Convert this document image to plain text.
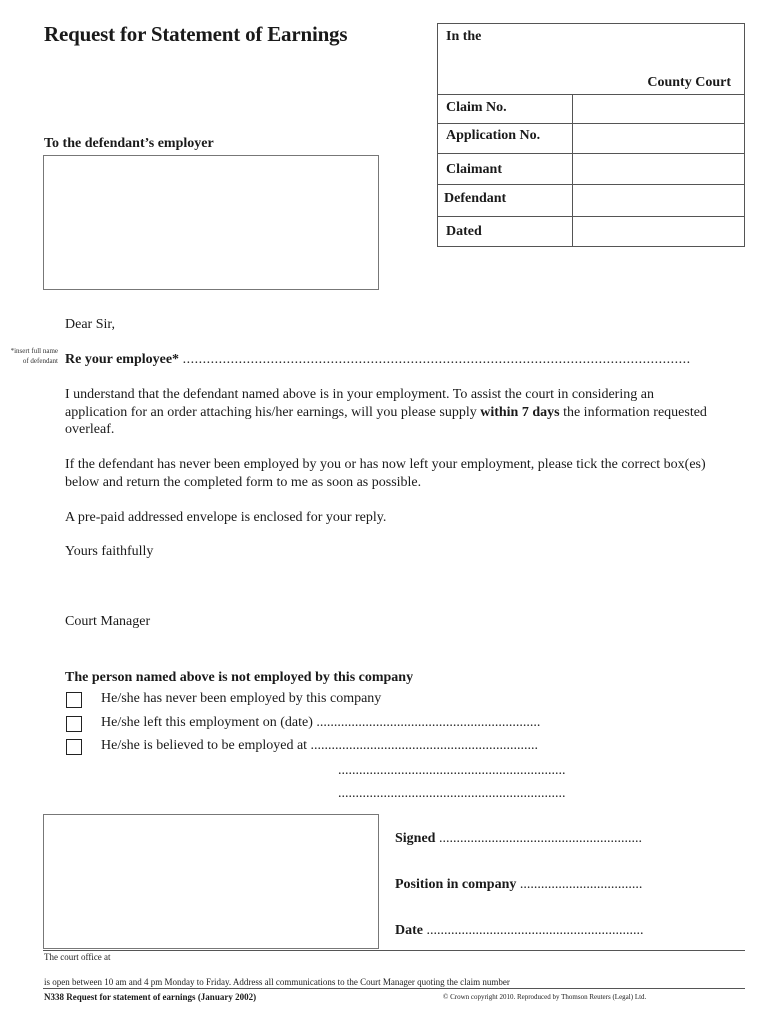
Request for Statement of Earnings	In the
County Court
Claim No.
Application No.
Claimant
Defendant
Dated
To the defendant’s employer
Dear Sir,
*insert full name of defendant Re your employee* ...............................................................................................................................
I understand that the defendant named above is in your employment. To assist the court in considering an application for an order attaching his/her earnings, will you please supply within 7 days the information requested overleaf.
If the defendant has never been employed by you or has now left your employment, please tick the correct box(es) below and return the completed form to me as soon as possible.
A pre-paid addressed envelope is enclosed for your reply.
Yours faithfully
Court Manager
The person named above is not employed by this company
He/she has never been employed by this company
He/she left this employment on (date) ................................................................
He/she is believed to be employed at .................................................................
.................................................................
.................................................................
Signed ..........................................................
Position in company ...................................
Date ..............................................................
The court office at
is open between 10 am and 4 pm Monday to Friday. Address all communications to the Court Manager quoting the claim number
N338 Request for statement of earnings (January 2002)	© Crown copyright 2010. Reproduced by Thomson Reuters (Legal) Ltd.
